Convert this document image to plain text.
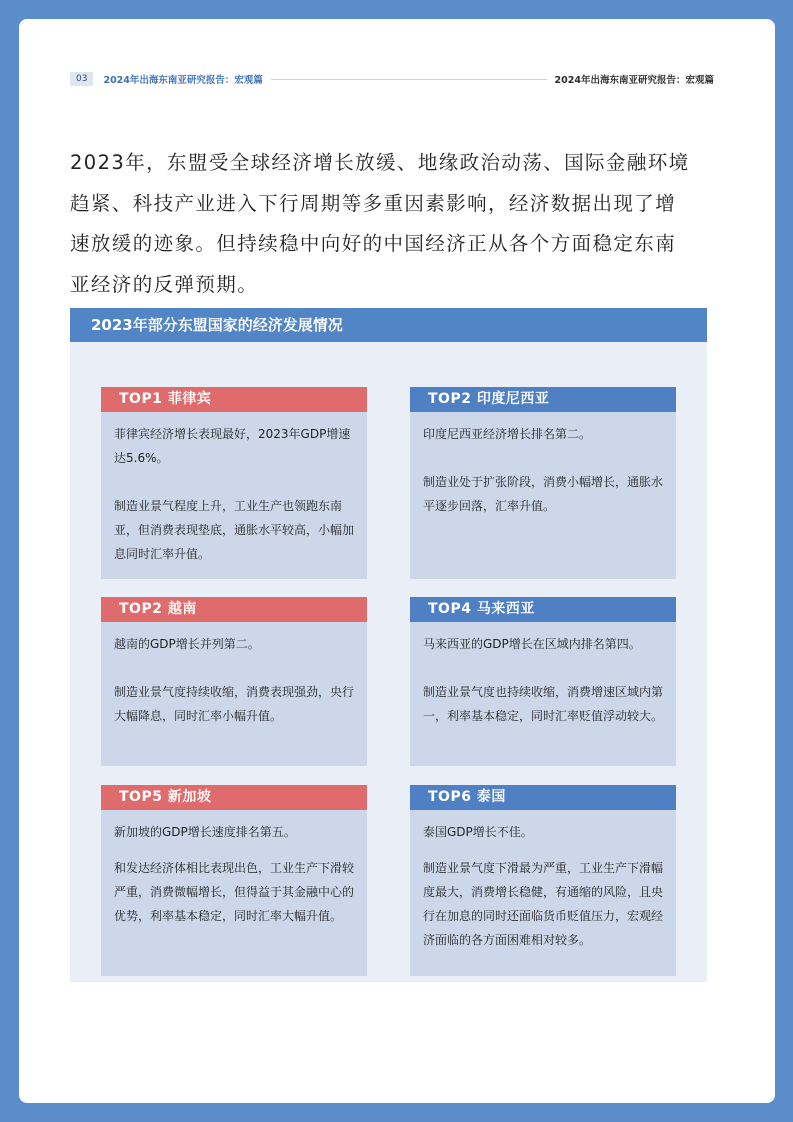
03	2024年出海东南亚研究报告：宏观篇	2024年出海东南亚研究报告：宏观篇
2023年，东盟受全球经济增长放缓、地缘政治动荡、国际金融环境
趋紧、科技产业进入下行周期等多重因素影响，经济数据出现了增
速放缓的迹象。但持续稳中向好的中国经济正从各个方面稳定东南
亚经济的反弹预期。
2023年部分东盟国家的经济发展情况
TOP1 菲律宾

菲律宾经济增长表现最好，2023年GDP增速达5.6%。

制造业景气程度上升，工业生产也领跑东南亚，但消费表现垫底，通胀水平较高，小幅加息同时汇率升值。

TOP2 印度尼西亚

印度尼西亚经济增长排名第二。

制造业处于扩张阶段，消费小幅增长，通胀水平逐步回落，汇率升值。

TOP2 越南

越南的GDP增长并列第二。

制造业景气度持续收缩，消费表现强劲，央行大幅降息，同时汇率小幅升值。

TOP4 马来西亚

马来西亚的GDP增长在区域内排名第四。

制造业景气度也持续收缩，消费增速区域内第一，利率基本稳定，同时汇率贬值浮动较大。

TOP5 新加坡

新加坡的GDP增长速度排名第五。

和发达经济体相比表现出色，工业生产下滑较严重，消费微幅增长，但得益于其金融中心的优势，利率基本稳定，同时汇率大幅升值。

TOP6 泰国

泰国GDP增长不佳。

制造业景气度下滑最为严重，工业生产下滑幅度最大，消费增长稳健，有通缩的风险，且央行在加息的同时还面临货币贬值压力，宏观经济面临的各方面困难相对较多。
